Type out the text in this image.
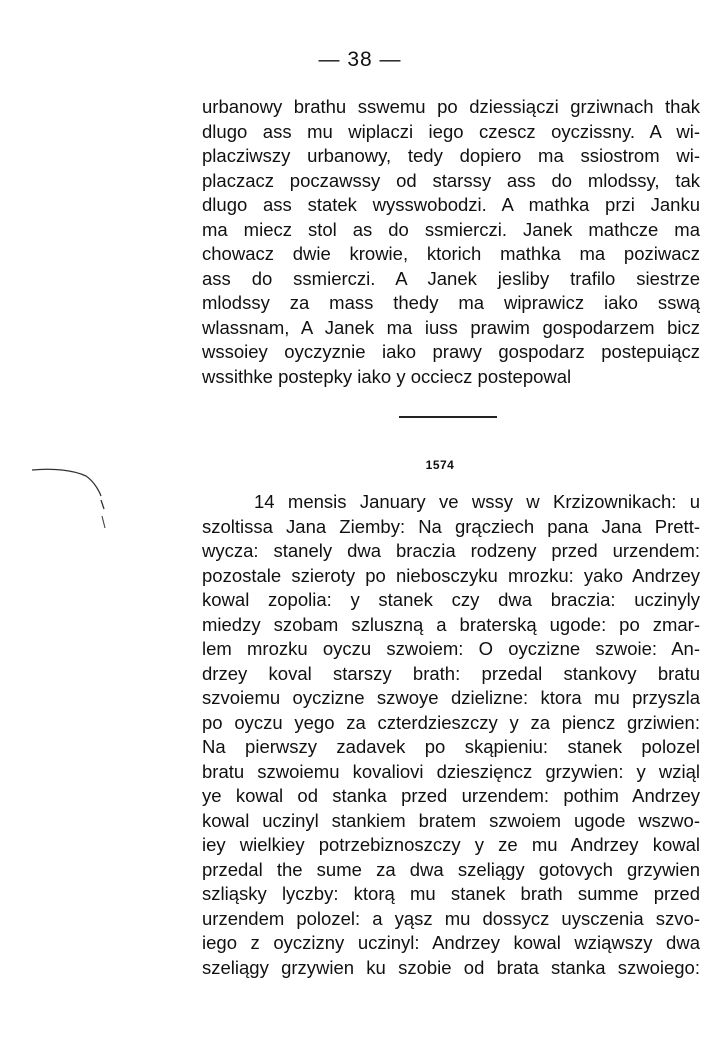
— 38 —
urbanowy brathu sswemu po dziessiączi grziwnach thak
dlugo ass mu wiplaczi iego czescz oyczissny. A wi-
placziwszy urbanowy, tedy dopiero ma ssiostrom wi-
placzacz poczawssy od starssy ass do mlodssy, tak
dlugo ass statek wysswobodzi. A mathka przi Janku
ma miecz stol as do ssmierczi. Janek mathcze ma
chowacz dwie krowie, ktorich mathka ma poziwacz
ass do ssmierczi. A Janek jesliby trafilo siestrze
mlodssy za mass thedy ma wiprawicz iako sswą
wlassnam, A Janek ma iuss prawim gospodarzem bicz
wssoiey oyczyznie iako prawy gospodarz postepuiącz
wssithke postepky iako y occiecz postepowal
1574
14 mensis January ve wssy w Krzizownikach: u
szoltissa Jana Ziemby: Na grącziech pana Jana Prett-
wycza: stanely dwa braczia rodzeny przed urzendem:
pozostale szieroty po niebosczyku mrozku: yako Andrzey
kowal zopolia: y stanek czy dwa braczia: uczinyly
miedzy szobam szluszną a braterską ugode: po zmar-
lem mrozku oyczu szwoiem: O oyczizne szwoie: An-
drzey koval starszy brath: przedal stankovy bratu
szvoiemu oyczizne szwoye dzielizne: ktora mu przyszla
po oyczu yego za czterdzieszczy y za piencz grziwien:
Na pierwszy zadavek po skąpieniu: stanek polozel
bratu szwoiemu kovaliovi dzieszięncz grzywien: y wziąl
ye kowal od stanka przed urzendem: pothim Andrzey
kowal uczinyl stankiem bratem szwoiem ugode wszwo-
iey wielkiey potrzebiznoszczy y ze mu Andrzey kowal
przedal the sume za dwa szeliągy gotovych grzywien
szliąsky lyczby: ktorą mu stanek brath summe przed
urzendem polozel: a yąsz mu dossycz uysczenia szvo-
iego z oyczizny uczinyl: Andrzey kowal wziąwszy dwa
szeliągy grzywien ku szobie od brata stanka szwoiego:
